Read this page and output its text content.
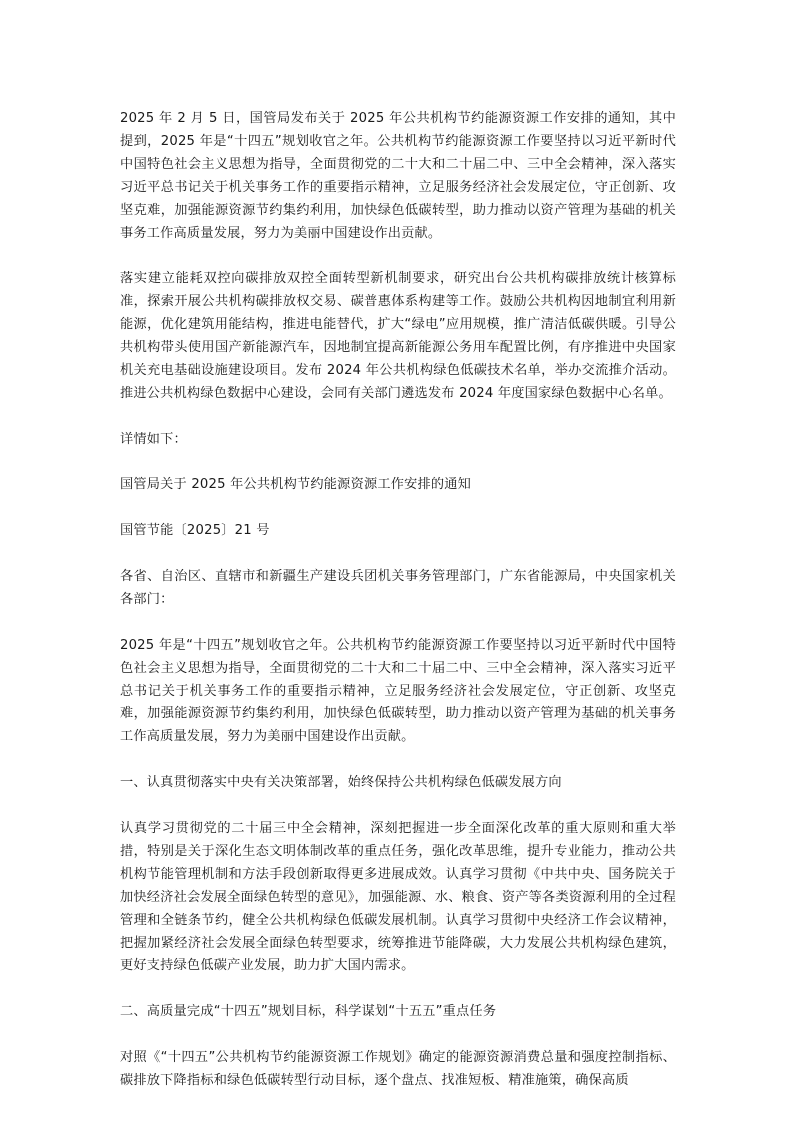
2025 年 2 月 5 日，国管局发布关于 2025 年公共机构节约能源资源工作安排的通知，其中提到，2025 年是“十四五”规划收官之年。公共机构节约能源资源工作要坚持以习近平新时代中国特色社会主义思想为指导，全面贯彻党的二十大和二十届二中、三中全会精神，深入落实习近平总书记关于机关事务工作的重要指示精神，立足服务经济社会发展定位，守正创新、攻坚克难，加强能源资源节约集约利用，加快绿色低碳转型，助力推动以资产管理为基础的机关事务工作高质量发展，努力为美丽中国建设作出贡献。

落实建立能耗双控向碳排放双控全面转型新机制要求，研究出台公共机构碳排放统计核算标准，探索开展公共机构碳排放权交易、碳普惠体系构建等工作。鼓励公共机构因地制宜利用新能源，优化建筑用能结构，推进电能替代，扩大“绿电”应用规模，推广清洁低碳供暖。引导公共机构带头使用国产新能源汽车，因地制宜提高新能源公务用车配置比例，有序推进中央国家机关充电基础设施建设项目。发布 2024 年公共机构绿色低碳技术名单，举办交流推介活动。推进公共机构绿色数据中心建设，会同有关部门遴选发布 2024 年度国家绿色数据中心名单。

详情如下：

国管局关于 2025 年公共机构节约能源资源工作安排的通知

国管节能〔2025〕21 号

各省、自治区、直辖市和新疆生产建设兵团机关事务管理部门，广东省能源局，中央国家机关各部门：

2025 年是“十四五”规划收官之年。公共机构节约能源资源工作要坚持以习近平新时代中国特色社会主义思想为指导，全面贯彻党的二十大和二十届二中、三中全会精神，深入落实习近平总书记关于机关事务工作的重要指示精神，立足服务经济社会发展定位，守正创新、攻坚克难，加强能源资源节约集约利用，加快绿色低碳转型，助力推动以资产管理为基础的机关事务工作高质量发展，努力为美丽中国建设作出贡献。

一、认真贯彻落实中央有关决策部署，始终保持公共机构绿色低碳发展方向

认真学习贯彻党的二十届三中全会精神，深刻把握进一步全面深化改革的重大原则和重大举措，特别是关于深化生态文明体制改革的重点任务，强化改革思维，提升专业能力，推动公共机构节能管理机制和方法手段创新取得更多进展成效。认真学习贯彻《中共中央、国务院关于加快经济社会发展全面绿色转型的意见》，加强能源、水、粮食、资产等各类资源利用的全过程管理和全链条节约，健全公共机构绿色低碳发展机制。认真学习贯彻中央经济工作会议精神，把握加紧经济社会发展全面绿色转型要求，统筹推进节能降碳，大力发展公共机构绿色建筑，更好支持绿色低碳产业发展，助力扩大国内需求。

二、高质量完成“十四五”规划目标，科学谋划“十五五”重点任务

对照《“十四五”公共机构节约能源资源工作规划》确定的能源资源消费总量和强度控制指标、碳排放下降指标和绿色低碳转型行动目标，逐个盘点、找准短板、精准施策，确保高质
